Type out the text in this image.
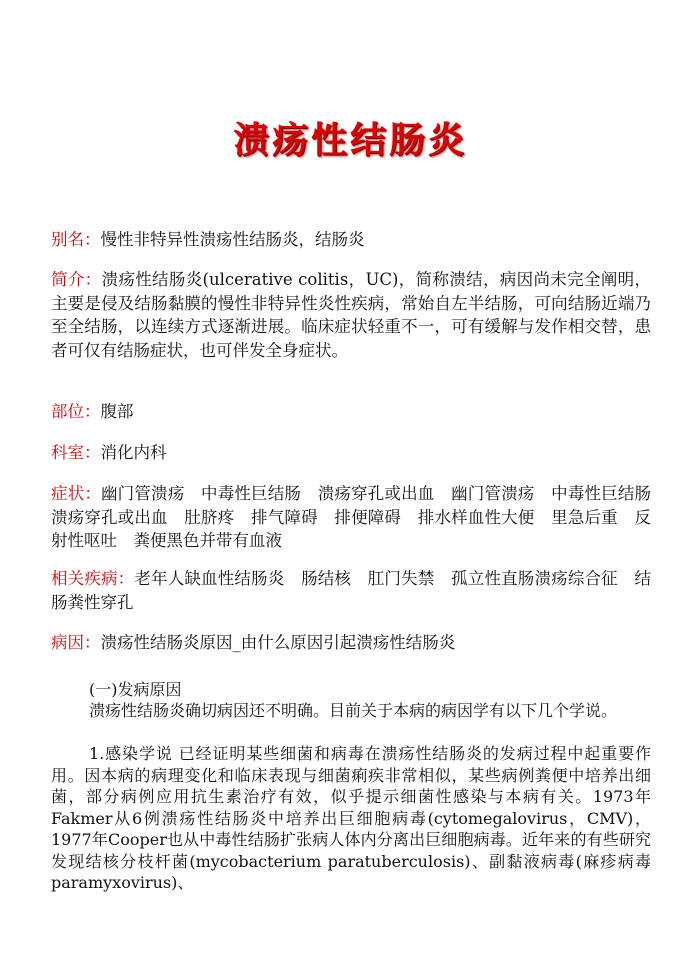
溃疡性结肠炎
别名：慢性非特异性溃疡性结肠炎，结肠炎
简介：溃疡性结肠炎(ulcerative colitis，UC)，简称溃结，病因尚未完全阐明，主要是侵及结肠黏膜的慢性非特异性炎性疾病，常始自左半结肠，可向结肠近端乃至全结肠，以连续方式逐渐进展。临床症状轻重不一，可有缓解与发作相交替，患者可仅有结肠症状，也可伴发全身症状。
部位：腹部
科室：消化内科
症状：幽门管溃疡　中毒性巨结肠　溃疡穿孔或出血　幽门管溃疡　中毒性巨结肠　溃疡穿孔或出血　肚脐疼　排气障碍　排便障碍　排水样血性大便　里急后重　反射性呕吐　粪便黑色并带有血液
相关疾病：老年人缺血性结肠炎　肠结核　肛门失禁　孤立性直肠溃疡综合征　结肠粪性穿孔
病因：溃疡性结肠炎原因_由什么原因引起溃疡性结肠炎
(一)发病原因
溃疡性结肠炎确切病因还不明确。目前关于本病的病因学有以下几个学说。
1.感染学说 已经证明某些细菌和病毒在溃疡性结肠炎的发病过程中起重要作用。因本病的病理变化和临床表现与细菌痢疾非常相似，某些病例粪便中培养出细菌，部分病例应用抗生素治疗有效，似乎提示细菌性感染与本病有关。1973年Fakmer从6例溃疡性结肠炎中培养出巨细胞病毒(cytomegalovirus，CMV)，1977年Cooper也从中毒性结肠扩张病人体内分离出巨细胞病毒。近年来的有些研究发现结核分枝杆菌(mycobacterium paratuberculosis)、副黏液病毒(麻疹病毒paramyxovirus)、
